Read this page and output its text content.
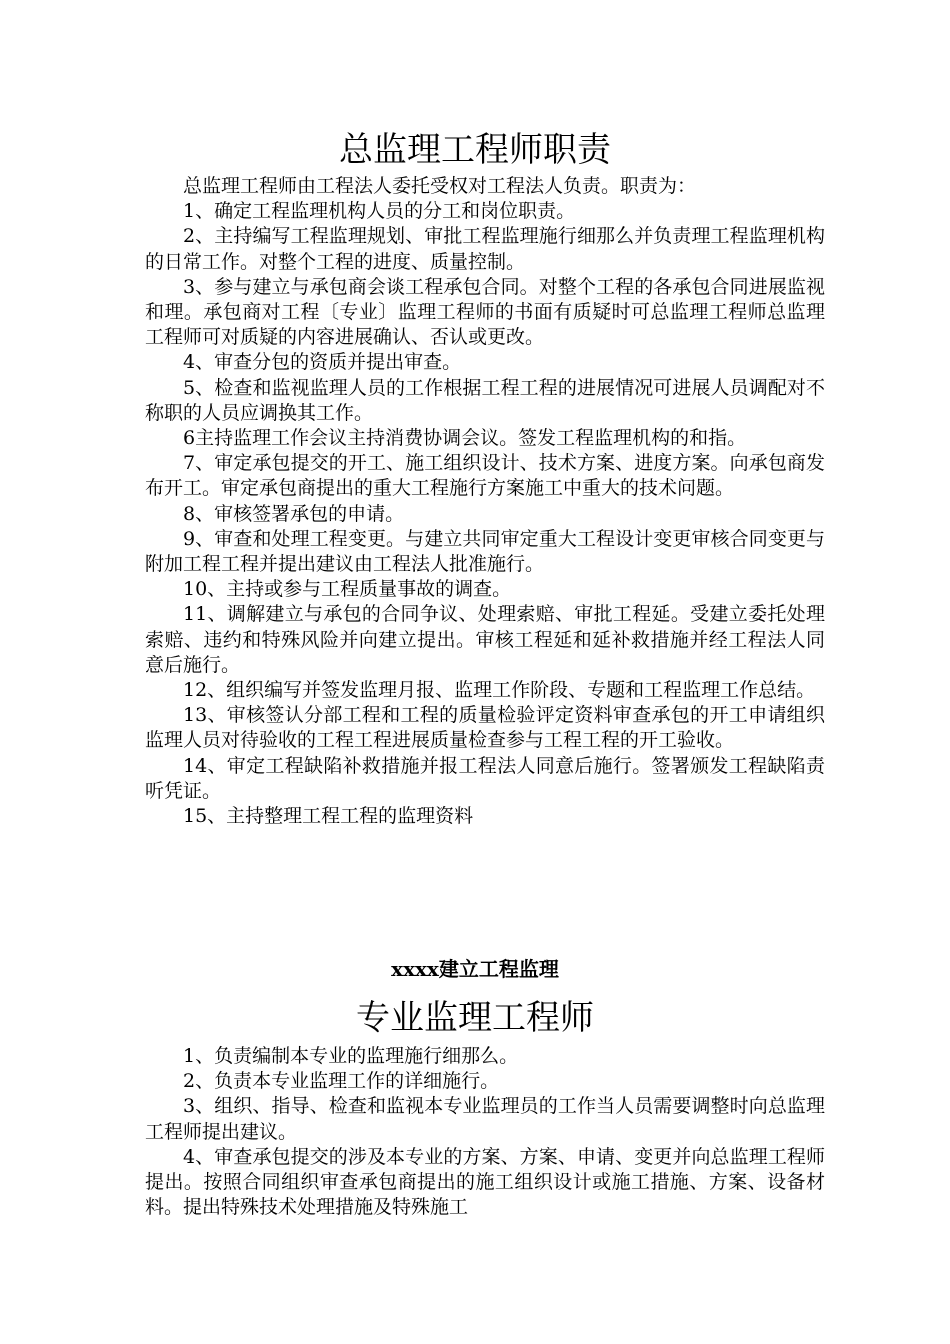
总监理工程师职责

总监理工程师由工程法人委托受权对工程法人负责。职责为：

1、确定工程监理机构人员的分工和岗位职责。

2、主持编写工程监理规划、审批工程监理施行细那么并负责理工程监理机构的日常工作。对整个工程的进度、质量控制。

3、参与建立与承包商会谈工程承包合同。对整个工程的各承包合同进展监视和理。承包商对工程〔专业〕监理工程师的书面有质疑时可总监理工程师总监理工程师可对质疑的内容进展确认、否认或更改。

4、审查分包的资质并提出审查。

5、检查和监视监理人员的工作根据工程工程的进展情况可进展人员调配对不称职的人员应调换其工作。

6主持监理工作会议主持消费协调会议。签发工程监理机构的和指。

7、审定承包提交的开工、施工组织设计、技术方案、进度方案。向承包商发布开工。审定承包商提出的重大工程施行方案施工中重大的技术问题。

8、审核签署承包的申请。

9、审查和处理工程变更。与建立共同审定重大工程设计变更审核合同变更与附加工程工程并提出建议由工程法人批准施行。

10、主持或参与工程质量事故的调查。

11、调解建立与承包的合同争议、处理索赔、审批工程延。受建立委托处理索赔、违约和特殊风险并向建立提出。审核工程延和延补救措施并经工程法人同意后施行。

12、组织编写并签发监理月报、监理工作阶段、专题和工程监理工作总结。

13、审核签认分部工程和工程的质量检验评定资料审查承包的开工申请组织监理人员对待验收的工程工程进展质量检查参与工程工程的开工验收。

14、审定工程缺陷补救措施并报工程法人同意后施行。签署颁发工程缺陷责听凭证。

15、主持整理工程工程的监理资料

xxxx建立工程监理
专业监理工程师

1、负责编制本专业的监理施行细那么。

2、负责本专业监理工作的详细施行。

3、组织、指导、检查和监视本专业监理员的工作当人员需要调整时向总监理工程师提出建议。

4、审查承包提交的涉及本专业的方案、方案、申请、变更并向总监理工程师提出。按照合同组织审查承包商提出的施工组织设计或施工措施、方案、设备材料。提出特殊技术处理措施及特殊施工
